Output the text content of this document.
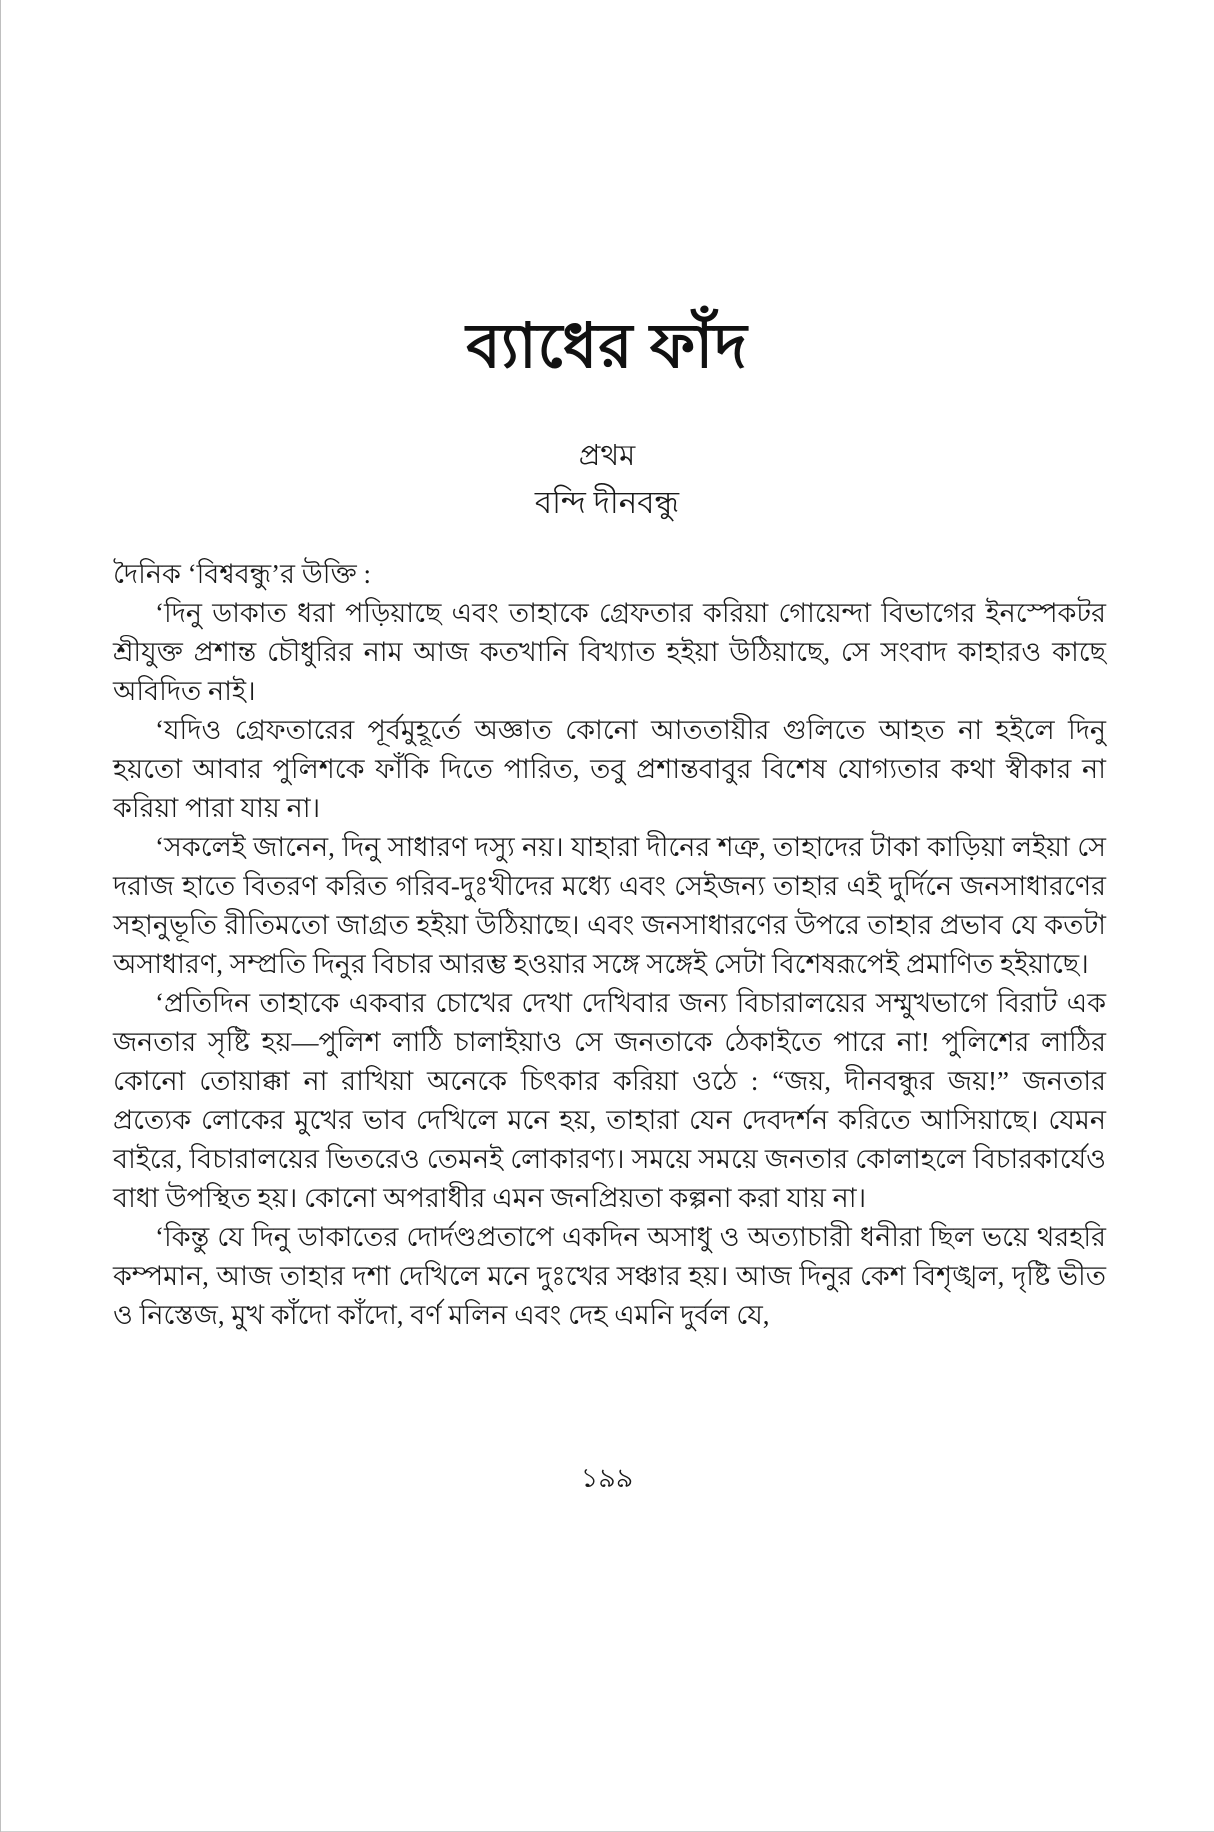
ব্যাধের ফাঁদ
প্রথম
বন্দি দীনবন্ধু

দৈনিক ‘বিশ্ববন্ধু’র উক্তি :

‘দিনু ডাকাত ধরা পড়িয়াছে এবং তাহাকে গ্রেফতার করিয়া গোয়েন্দা বিভাগের ইনস্পেকটর শ্রীযুক্ত প্রশান্ত চৌধুরির নাম আজ কতখানি বিখ্যাত হইয়া উঠিয়াছে, সে সংবাদ কাহারও কাছে অবিদিত নাই।

‘যদিও গ্রেফতারের পূর্বমুহূর্তে অজ্ঞাত কোনো আততায়ীর গুলিতে আহত না হইলে দিনু হয়তো আবার পুলিশকে ফাঁকি দিতে পারিত, তবু প্রশান্তবাবুর বিশেষ যোগ্যতার কথা স্বীকার না করিয়া পারা যায় না।

‘সকলেই জানেন, দিনু সাধারণ দস্যু নয়। যাহারা দীনের শত্রু, তাহাদের টাকা কাড়িয়া লইয়া সে দরাজ হাতে বিতরণ করিত গরিব-দুঃখীদের মধ্যে এবং সেইজন্য তাহার এই দুর্দিনে জনসাধারণের সহানুভূতি রীতিমতো জাগ্রত হইয়া উঠিয়াছে। এবং জনসাধারণের উপরে তাহার প্রভাব যে কতটা অসাধারণ, সম্প্রতি দিনুর বিচার আরম্ভ হওয়ার সঙ্গে সঙ্গেই সেটা বিশেষরূপেই প্রমাণিত হইয়াছে।

‘প্রতিদিন তাহাকে একবার চোখের দেখা দেখিবার জন্য বিচারালয়ের সম্মুখভাগে বিরাট এক জনতার সৃষ্টি হয়—পুলিশ লাঠি চালাইয়াও সে জনতাকে ঠেকাইতে পারে না! পুলিশের লাঠির কোনো তোয়াক্কা না রাখিয়া অনেকে চিৎকার করিয়া ওঠে : “জয়, দীনবন্ধুর জয়!” জনতার প্রত্যেক লোকের মুখের ভাব দেখিলে মনে হয়, তাহারা যেন দেবদর্শন করিতে আসিয়াছে। যেমন বাইরে, বিচারালয়ের ভিতরেও তেমনই লোকারণ্য। সময়ে সময়ে জনতার কোলাহলে বিচারকার্যেও বাধা উপস্থিত হয়। কোনো অপরাধীর এমন জনপ্রিয়তা কল্পনা করা যায় না।

‘কিন্তু যে দিনু ডাকাতের দোর্দণ্ডপ্রতাপে একদিন অসাধু ও অত্যাচারী ধনীরা ছিল ভয়ে থরহরি কম্পমান, আজ তাহার দশা দেখিলে মনে দুঃখের সঞ্চার হয়। আজ দিনুর কেশ বিশৃঙ্খল, দৃষ্টি ভীত ও নিস্তেজ, মুখ কাঁদো কাঁদো, বর্ণ মলিন এবং দেহ এমনি দুর্বল যে,

১৯৯
